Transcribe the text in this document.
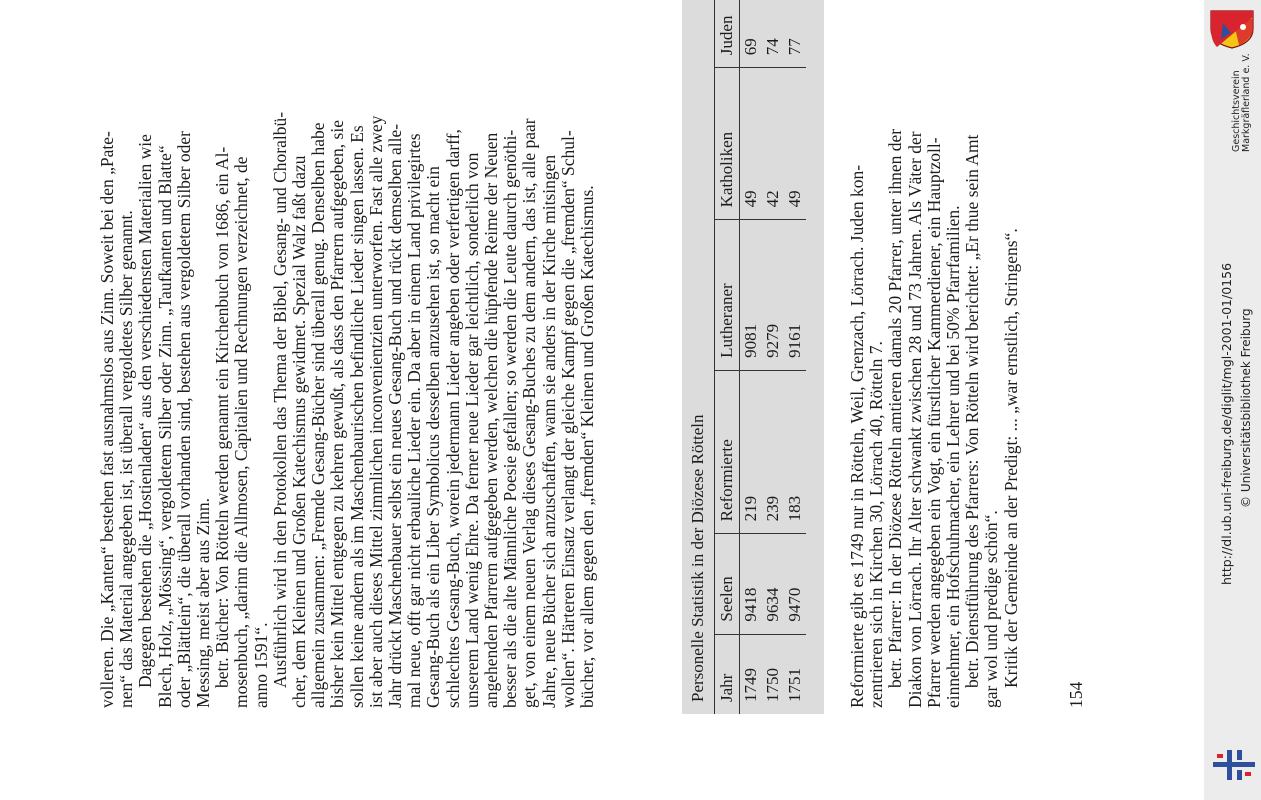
volleren. Die „Kanten“ bestehen fast ausnahmslos aus Zinn. Soweit bei den „Pate- nen“ das Material angegeben ist, ist überall vergoldetes Silber genannt. Dagegen bestehen die „Hostienladen“ aus den verschiedensten Materialien wie Blech, Holz, „Mössing“, vergoldetem Silber oder Zinn. „Taufkanten und Blatte“ oder „Blättlein“, die überall vorhanden sind, bestehen aus vergoldetem Silber oder Messing, meist aber aus Zinn. betr. Bücher: Von Rötteln werden genannt ein Kirchenbuch von 1686, ein Al- mosenbuch, „darinn die Allmosen, Capitalien und Rechnungen verzeichnet, de anno 1591“. Ausführlich wird in den Protokollen das Thema der Bibel, Gesang- und Choralbü- cher, dem Kleinen und Großen Katechismus gewidmet. Spezial Walz faßt dazu allgemein zusammen: „Fremde Gesang-Bücher sind überall genug. Denselben habe bisher kein Mittel entgegen zu kehren gewußt, als dass den Pfarrern aufgegeben, sie sollen keine andern als im Maschenbaurischen befindliche Lieder singen lassen. Es ist aber auch dieses Mittel zimmlichen inconvenientzien unterworfen. Fast alle zwey Jahr drückt Maschenbauer selbst ein neues Gesang-Buch und rückt demselben alle- mal neue, offt gar nicht erbauliche Lieder ein. Da aber in einem Land privilegirtes Gesang-Buch als ein Liber Symbolicus desselben anzusehen ist, so macht ein schlechtes Gesang-Buch, worein jedermann Lieder angeben oder verfertigen darff, unserem Land wenig Ehre. Da ferner neue Lieder gar leichtlich, sonderlich von angehenden Pfarrern aufgegeben werden, welchen die hüpfende Reime der Neuen besser als die alte Männliche Poesie gefallen; so werden die Leute daurch genöthi- get, von einem neuen Verlag dieses Gesang-Buches zu dem andern, das ist, alle paar Jahre, neue Bücher sich anzuschaffen, wann sie anders in der Kirche mitsingen wollen“. Härteren Einsatz verlangt der gleiche Kampf gegen die „fremden“ Schul- bücher, vor allem gegen den „fremden“ Kleinen und Großen Katechismus.	Personelle Statistik in der Diözese Rötteln Jahr	Seelen	Reformierte	Lutheraner	Katholiken	Juden
1749	9418	219	9081	49	69
1750	9634	239	9279	42	74
1751	9470	183	9161	49	77

Reformierte gibt es 1749 nur in Rötteln, Weil, Grenzach, Lörrach. Juden kon- zentrieren sich in Kirchen 30, Lörrach 40, Rötteln 7. betr. Pfarrer: In der Diözese Rötteln amtieren damals 20 Pfarrer, unter ihnen der Diakon von Lörrach. Ihr Alter schwankt zwischen 28 und 73 Jahren. Als Väter der Pfarrer werden angegeben ein Vogt, ein fürstlicher Kammerdiener, ein Hauptzoll- einnehmer, ein Hofschuhmacher, ein Lehrer und bei 50% Pfarrfamilien. betr. Dienstführung des Pfarrers: Von Rötteln wird berichtet: „Er thue sein Amt gar wol und predige schön“. Kritik der Gemeinde an der Predigt: ... „war ernstlich, Stringens“.

154
Geschichtsverein Markgräflerland e. V.
http://dl.ub.uni-freiburg.de/diglit/mgl-2001-01/0156 © Universitätsbibliothek Freiburg
